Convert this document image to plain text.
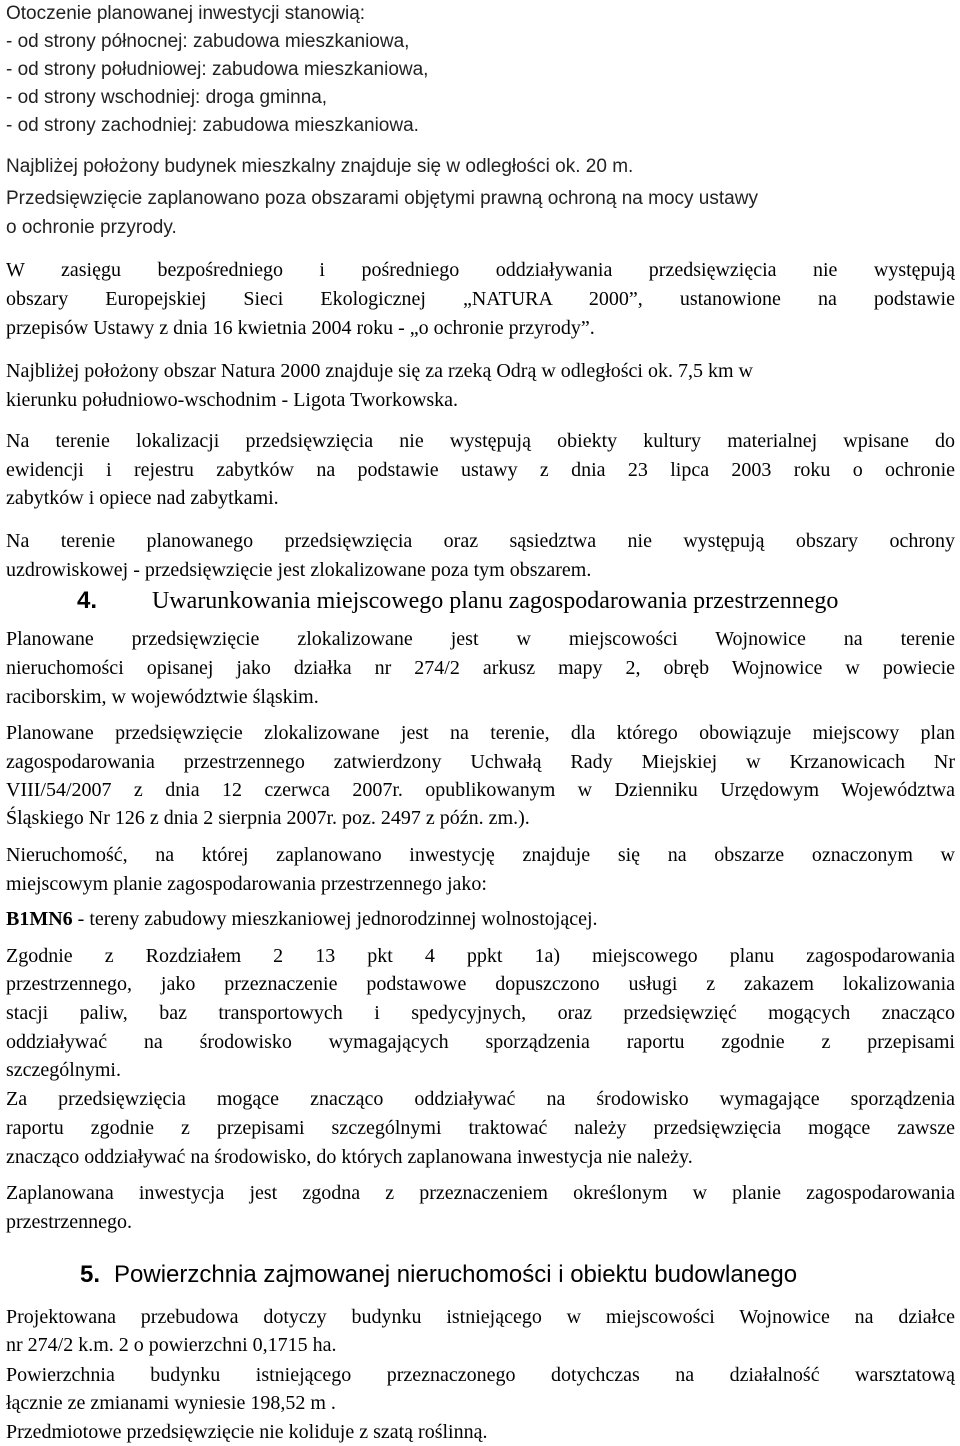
Otoczenie planowanej inwestycji stanowią:
- od strony północnej: zabudowa mieszkaniowa,
- od strony południowej: zabudowa mieszkaniowa,
- od strony wschodniej: droga gminna,
- od strony zachodniej: zabudowa mieszkaniowa.
Najbliżej położony budynek mieszkalny znajduje się w odległości ok. 20 m.
Przedsięwzięcie zaplanowano poza obszarami objętymi prawną ochroną na mocy ustawy
o ochronie przyrody.
W zasięgu bezpośredniego i pośredniego oddziaływania przedsięwzięcia nie występują
obszary Europejskiej Sieci Ekologicznej „NATURA 2000”, ustanowione na podstawie
przepisów Ustawy z dnia 16 kwietnia 2004 roku - „o ochronie przyrody”.
Najbliżej położony obszar Natura 2000 znajduje się za rzeką Odrą w odległości ok. 7,5 km w
kierunku południowo-wschodnim - Ligota Tworkowska.
Na terenie lokalizacji przedsięwzięcia nie występują obiekty kultury materialnej wpisane do
ewidencji i rejestru zabytków na podstawie ustawy z dnia 23 lipca 2003 roku o ochronie
zabytków i opiece nad zabytkami.
Na terenie planowanego przedsięwzięcia oraz sąsiedztwa nie występują obszary ochrony
uzdrowiskowej - przedsięwzięcie jest zlokalizowane poza tym obszarem.
4. Uwarunkowania miejscowego planu zagospodarowania przestrzennego
Planowane przedsięwzięcie zlokalizowane jest w miejscowości Wojnowice na terenie
nieruchomości opisanej jako działka nr 274/2 arkusz mapy 2, obręb Wojnowice w powiecie
raciborskim, w województwie śląskim.
Planowane przedsięwzięcie zlokalizowane jest na terenie, dla którego obowiązuje miejscowy plan
zagospodarowania przestrzennego zatwierdzony Uchwałą Rady Miejskiej w Krzanowicach Nr
VIII/54/2007 z dnia 12 czerwca 2007r. opublikowanym w Dzienniku Urzędowym Województwa
Śląskiego Nr 126 z dnia 2 sierpnia 2007r. poz. 2497 z późn. zm.).
Nieruchomość, na której zaplanowano inwestycję znajduje się na obszarze oznaczonym w
miejscowym planie zagospodarowania przestrzennego jako:
B1MN6 - tereny zabudowy mieszkaniowej jednorodzinnej wolnostojącej.
Zgodnie z Rozdziałem 2 13 pkt 4 ppkt 1a) miejscowego planu zagospodarowania
przestrzennego, jako przeznaczenie podstawowe dopuszczono usługi z zakazem lokalizowania
stacji paliw, baz transportowych i spedycyjnych, oraz przedsięwzięć mogących znacząco
oddziaływać na środowisko wymagających sporządzenia raportu zgodnie z przepisami
szczególnymi.
Za przedsięwzięcia mogące znacząco oddziaływać na środowisko wymagające sporządzenia
raportu zgodnie z przepisami szczególnymi traktować należy przedsięwzięcia mogące zawsze
znacząco oddziaływać na środowisko, do których zaplanowana inwestycja nie należy.
Zaplanowana inwestycja jest zgodna z przeznaczeniem określonym w planie zagospodarowania
przestrzennego.
5. Powierzchnia zajmowanej nieruchomości i obiektu budowlanego
Projektowana przebudowa dotyczy budynku istniejącego w miejscowości Wojnowice na działce
nr 274/2 k.m. 2 o powierzchni 0,1715 ha.
Powierzchnia budynku istniejącego przeznaczonego dotychczas na działalność warsztatową
łącznie ze zmianami wyniesie 198,52 m .
Przedmiotowe przedsięwzięcie nie koliduje z szatą roślinną.
